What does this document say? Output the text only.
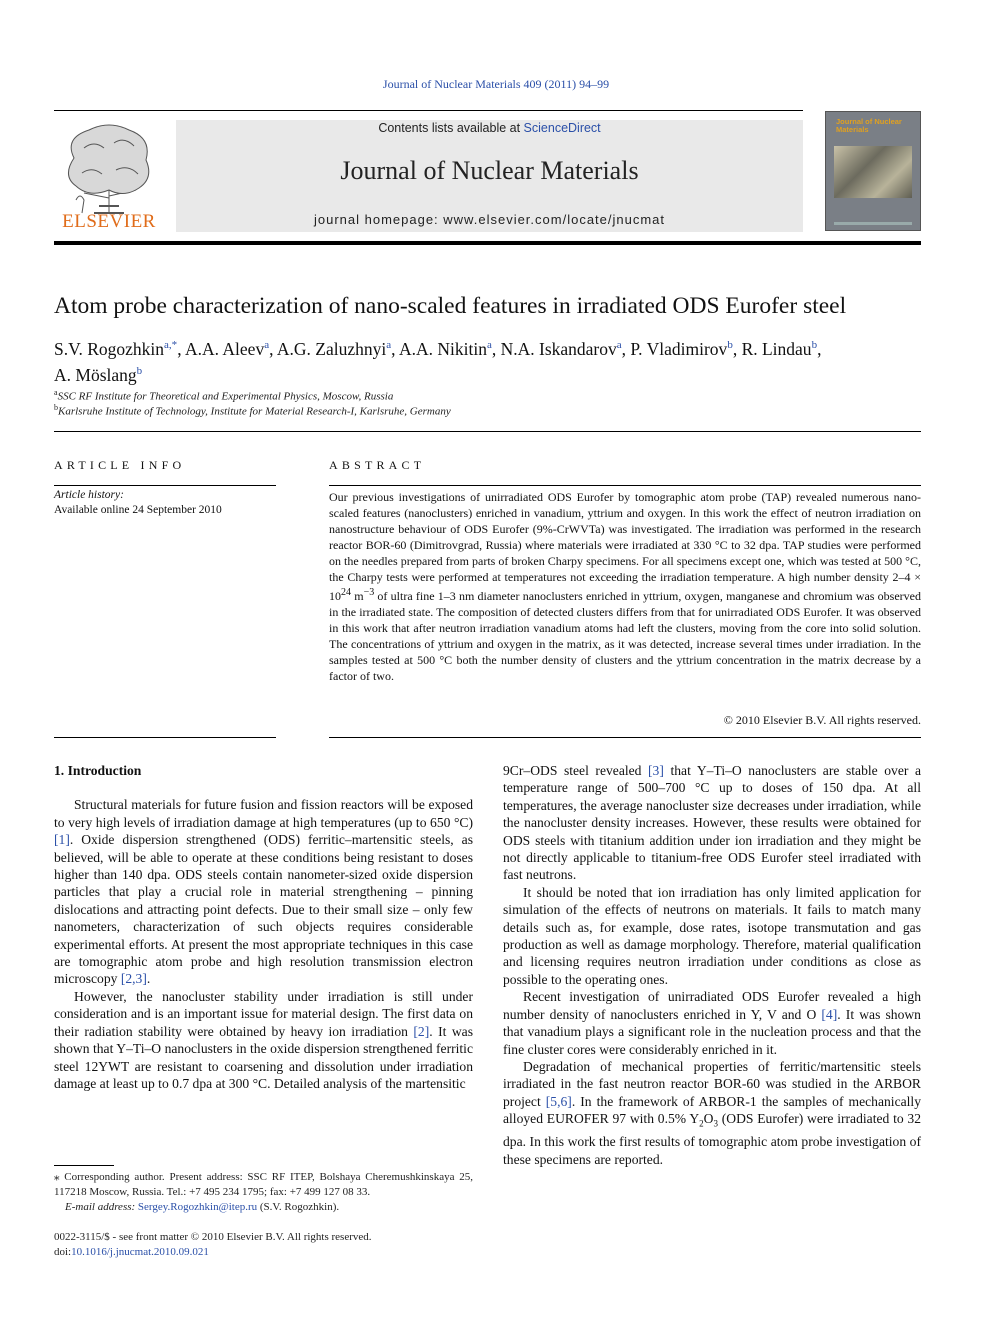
Journal of Nuclear Materials 409 (2011) 94–99
ELSEVIER
Contents lists available at ScienceDirect
Journal of Nuclear Materials
journal homepage: www.elsevier.com/locate/jnucmat
Journal of Nuclear Materials
Atom probe characterization of nano-scaled features in irradiated ODS Eurofer steel
S.V. Rogozhkin$^{a,*}$, A.A. Aleev$^a$, A.G. Zaluzhnyi$^a$, A.A. Nikitin$^a$, N.A. Iskandarov$^a$, P. Vladimirov$^b$, R. Lindau$^b$,
A. Möslang$^b$
$^a$SSC RF Institute for Theoretical and Experimental Physics, Moscow, Russia
$^b$Karlsruhe Institute of Technology, Institute for Material Research-I, Karlsruhe, Germany
ARTICLE INFO	ABSTRACT
Article history:
Available online 24 September 2010
Our previous investigations of unirradiated ODS Eurofer by tomographic atom probe (TAP) revealed numerous nano-scaled features (nanoclusters) enriched in vanadium, yttrium and oxygen. In this work the effect of neutron irradiation on nanostructure behaviour of ODS Eurofer (9%-CrWVTa) was investigated. The irradiation was performed in the research reactor BOR-60 (Dimitrovgrad, Russia) where materials were irradiated at 330 °C to 32 dpa. TAP studies were performed on the needles prepared from parts of broken Charpy specimens. For all specimens except one, which was tested at 500 °C, the Charpy tests were performed at temperatures not exceeding the irradiation temperature. A high number density $2-4 \times 10^{24}$ $m^{-3}$ of ultra fine 1–3 nm diameter nanoclusters enriched in yttrium, oxygen, manganese and chromium was observed in the irradiated state. The composition of detected clusters differs from that for unirradiated ODS Eurofer. It was observed in this work that after neutron irradiation vanadium atoms had left the clusters, moving from the core into solid solution. The concentrations of yttrium and oxygen in the matrix, as it was detected, increase several times under irradiation. In the samples tested at 500 °C both the number density of clusters and the yttrium concentration in the matrix decrease by a factor of two.
© 2010 Elsevier B.V. All rights reserved.

1. Introduction

Structural materials for future fusion and fission reactors will be exposed to very high levels of irradiation damage at high temperatures (up to 650 °C) [1]. Oxide dispersion strengthened (ODS) ferritic–martensitic steels, as believed, will be able to operate at these conditions being resistant to doses higher than 140 dpa. ODS steels contain nanometer-sized oxide dispersion particles that play a crucial role in material strengthening – pinning dislocations and attracting point defects. Due to their small size – only few nanometers, characterization of such objects requires considerable experimental efforts. At present the most appropriate techniques in this case are tomographic atom probe and high resolution transmission electron microscopy [2,3].

However, the nanocluster stability under irradiation is still under consideration and is an important issue for material design. The first data on their radiation stability were obtained by heavy ion irradiation [2]. It was shown that Y–Ti–O nanoclusters in the oxide dispersion strengthened ferritic steel 12YWT are resistant to coarsening and dissolution under irradiation damage at least up to 0.7 dpa at 300 °C. Detailed analysis of the martensitic

9Cr–ODS steel revealed [3] that Y–Ti–O nanoclusters are stable over a temperature range of 500–700 °C up to doses of 150 dpa. At all temperatures, the average nanocluster size decreases under irradiation, while the nanocluster density increases. However, these results were obtained for ODS steels with titanium addition under ion irradiation and they might be not directly applicable to titanium-free ODS Eurofer steel irradiated with fast neutrons.

It should be noted that ion irradiation has only limited application for simulation of the effects of neutrons on materials. It fails to match many details such as, for example, dose rates, isotope transmutation and gas production as well as damage morphology. Therefore, material qualification and licensing requires neutron irradiation under conditions as close as possible to the operating ones.

Recent investigation of unirradiated ODS Eurofer revealed a high number density of nanoclusters enriched in Y, V and O [4]. It was shown that vanadium plays a significant role in the nucleation process and that the fine cluster cores were considerably enriched in it.

Degradation of mechanical properties of ferritic/martensitic steels irradiated in the fast neutron reactor BOR-60 was studied in the ARBOR project [5,6]. In the framework of ARBOR-1 the samples of mechanically alloyed EUROFER 97 with 0.5% $Y_2O_3$ (ODS Eurofer) were irradiated to 32 dpa. In this work the first results of tomographic atom probe investigation of these specimens are reported.

⁎ Corresponding author. Present address: SSC RF ITEP, Bolshaya Cheremushkinskaya 25, 117218 Moscow, Russia. Tel.: +7 495 234 1795; fax: +7 499 127 08 33.
E-mail address: Sergey.Rogozhkin@itep.ru (S.V. Rogozhkin).
0022-3115/$ - see front matter © 2010 Elsevier B.V. All rights reserved.
doi:10.1016/j.jnucmat.2010.09.021
